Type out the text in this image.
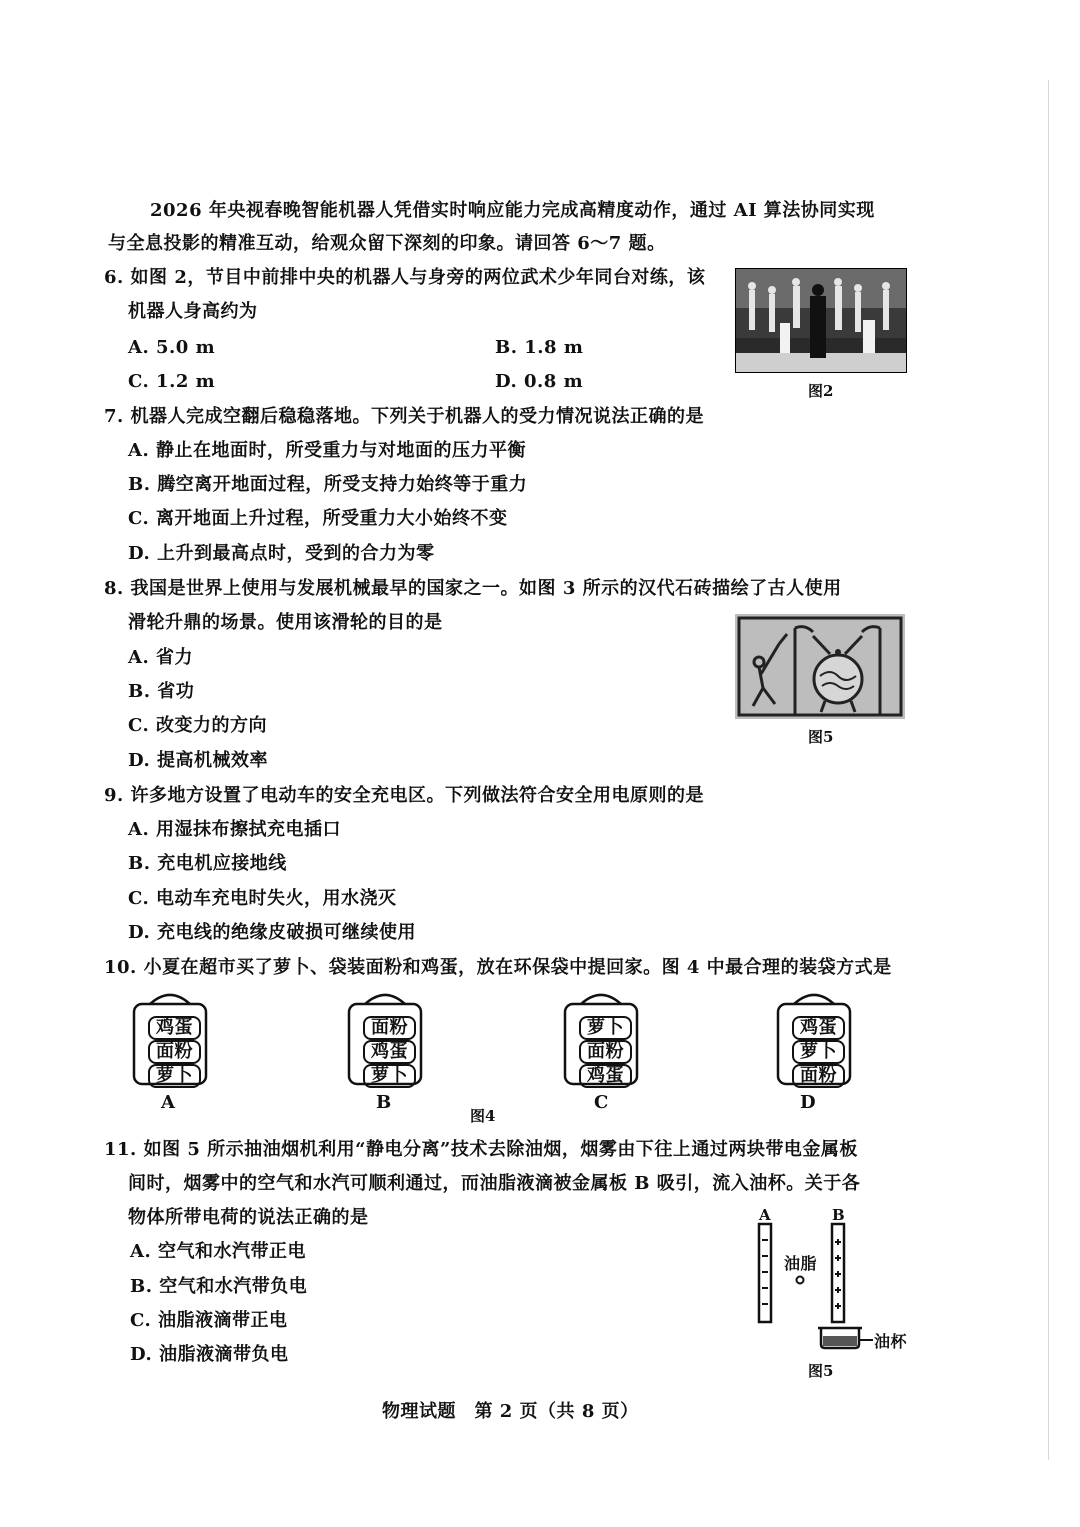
2026 年央视春晚智能机器人凭借实时响应能力完成高精度动作，通过 AI 算法协同实现
与全息投影的精准互动，给观众留下深刻的印象。请回答 6～7 题。
6. 如图 2，节目中前排中央的机器人与身旁的两位武术少年同台对练，该
机器人身高约为
A. 5.0 m	B. 1.8 m
C. 1.2 m	D. 0.8 m	图2
7. 机器人完成空翻后稳稳落地。下列关于机器人的受力情况说法正确的是
A. 静止在地面时，所受重力与对地面的压力平衡
B. 腾空离开地面过程，所受支持力始终等于重力
C. 离开地面上升过程，所受重力大小始终不变
D. 上升到最高点时，受到的合力为零
8. 我国是世界上使用与发展机械最早的国家之一。如图 3 所示的汉代石砖描绘了古人使用
滑轮升鼎的场景。使用该滑轮的目的是
A. 省力
B. 省功
C. 改变力的方向
D. 提高机械效率
图5
9. 许多地方设置了电动车的安全充电区。下列做法符合安全用电原则的是
A. 用湿抹布擦拭充电插口
B. 充电机应接地线
C. 电动车充电时失火，用水浇灭
D. 充电线的绝缘皮破损可继续使用
10. 小夏在超市买了萝卜、袋装面粉和鸡蛋，放在环保袋中提回家。图 4 中最合理的装袋方式是
鸡蛋
面粉
萝卜
A
面粉
鸡蛋
萝卜
B
萝卜
面粉
鸡蛋
C
鸡蛋
萝卜
面粉
D
图4
11. 如图 5 所示抽油烟机利用“静电分离”技术去除油烟，烟雾由下往上通过两块带电金属板
间时，烟雾中的空气和水汽可顺利通过，而油脂液滴被金属板 B 吸引，流入油杯。关于各
物体所带电荷的说法正确的是
A. 空气和水汽带正电
B. 空气和水汽带负电
C. 油脂液滴带正电
D. 油脂液滴带负电
A	B
油脂
油杯
图5
物理试题　第 2 页（共 8 页）
